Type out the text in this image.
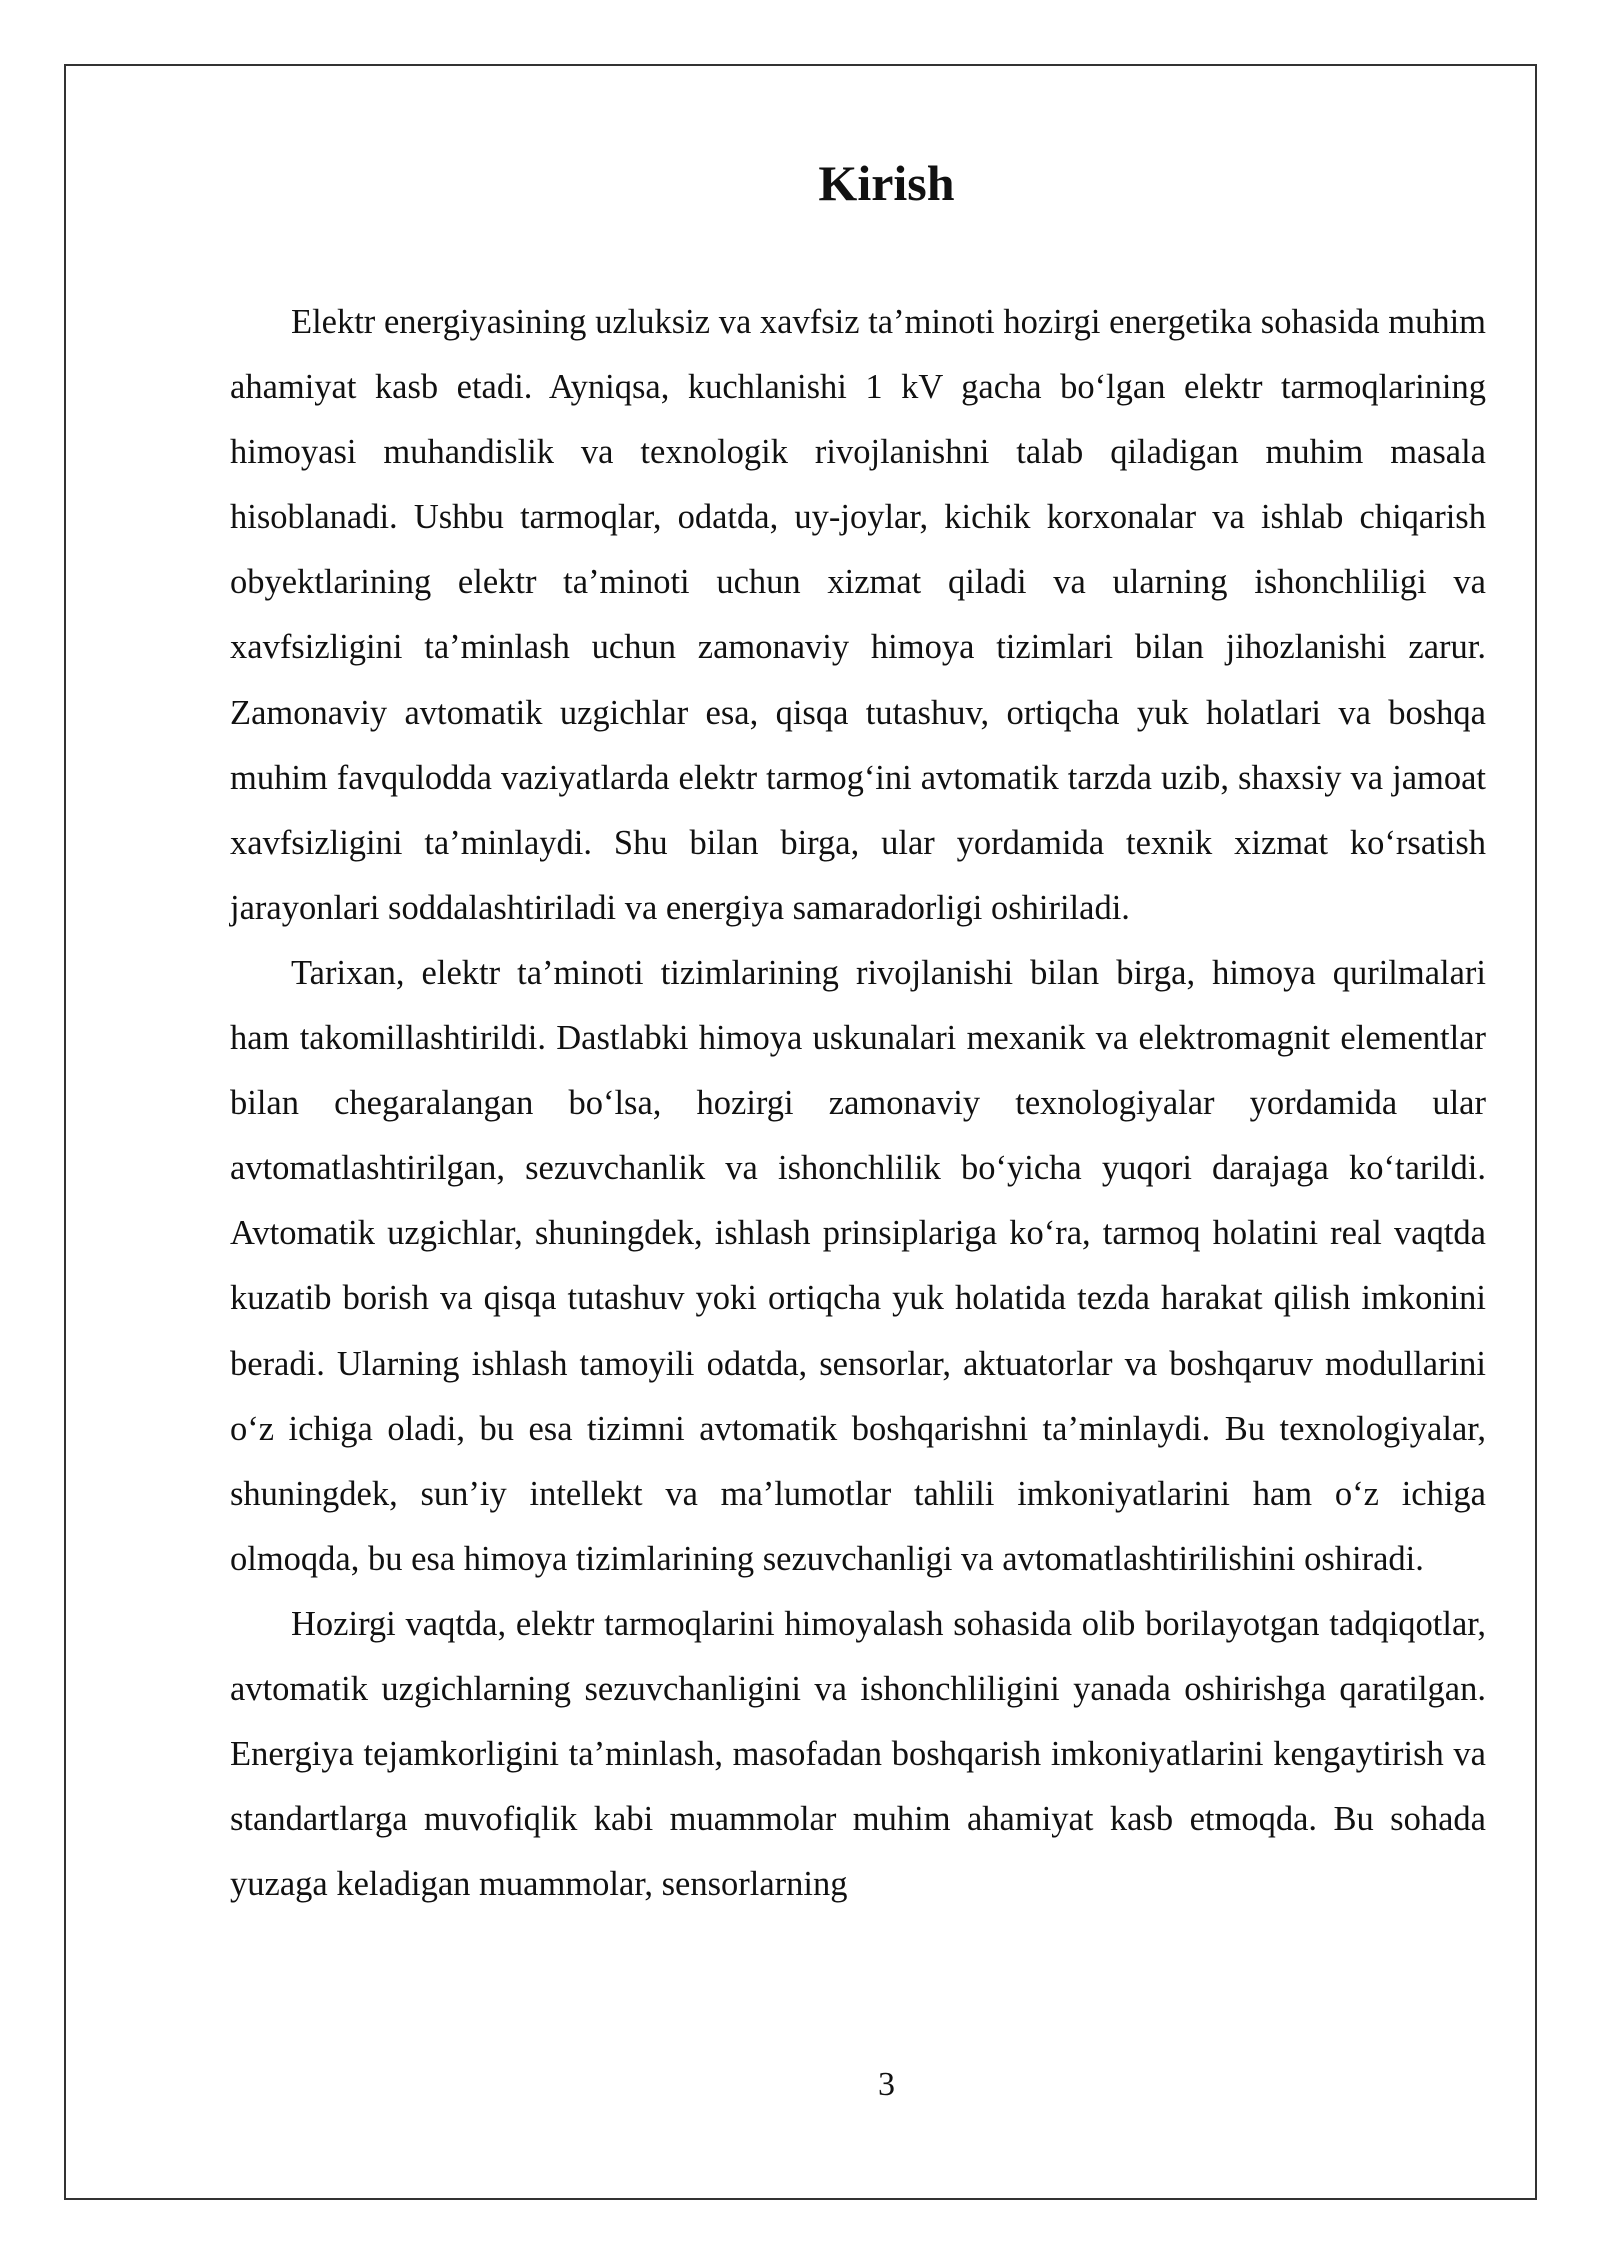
Kirish

Elektr energiyasining uzluksiz va xavfsiz ta’minoti hozirgi energetika sohasida muhim ahamiyat kasb etadi. Ayniqsa, kuchlanishi 1 kV gacha boʻlgan elektr tarmoqlarining himoyasi muhandislik va texnologik rivojlanishni talab qiladigan muhim masala hisoblanadi. Ushbu tarmoqlar, odatda, uy-joylar, kichik korxonalar va ishlab chiqarish obyektlarining elektr ta’minoti uchun xizmat qiladi va ularning ishonchliligi va xavfsizligini ta’minlash uchun zamonaviy himoya tizimlari bilan jihozlanishi zarur. Zamonaviy avtomatik uzgichlar esa, qisqa tutashuv, ortiqcha yuk holatlari va boshqa muhim favqulodda vaziyatlarda elektr tarmogʻini avtomatik tarzda uzib, shaxsiy va jamoat xavfsizligini ta’minlaydi. Shu bilan birga, ular yordamida texnik xizmat koʻrsatish jarayonlari soddalashtiriladi va energiya samaradorligi oshiriladi.

Tarixan, elektr ta’minoti tizimlarining rivojlanishi bilan birga, himoya qurilmalari ham takomillashtirildi. Dastlabki himoya uskunalari mexanik va elektromagnit elementlar bilan chegaralangan boʻlsa, hozirgi zamonaviy texnologiyalar yordamida ular avtomatlashtirilgan, sezuvchanlik va ishonchlilik boʻyicha yuqori darajaga koʻtarildi. Avtomatik uzgichlar, shuningdek, ishlash prinsiplariga koʻra, tarmoq holatini real vaqtda kuzatib borish va qisqa tutashuv yoki ortiqcha yuk holatida tezda harakat qilish imkonini beradi. Ularning ishlash tamoyili odatda, sensorlar, aktuatorlar va boshqaruv modullarini oʻz ichiga oladi, bu esa tizimni avtomatik boshqarishni ta’minlaydi. Bu texnologiyalar, shuningdek, sun’iy intellekt va ma’lumotlar tahlili imkoniyatlarini ham oʻz ichiga olmoqda, bu esa himoya tizimlarining sezuvchanligi va avtomatlashtirilishini oshiradi.

Hozirgi vaqtda, elektr tarmoqlarini himoyalash sohasida olib borilayotgan tadqiqotlar, avtomatik uzgichlarning sezuvchanligini va ishonchliligini yanada oshirishga qaratilgan. Energiya tejamkorligini ta’minlash, masofadan boshqarish imkoniyatlarini kengaytirish va standartlarga muvofiqlik kabi muammolar muhim ahamiyat kasb etmoqda. Bu sohada yuzaga keladigan muammolar, sensorlarning

3
